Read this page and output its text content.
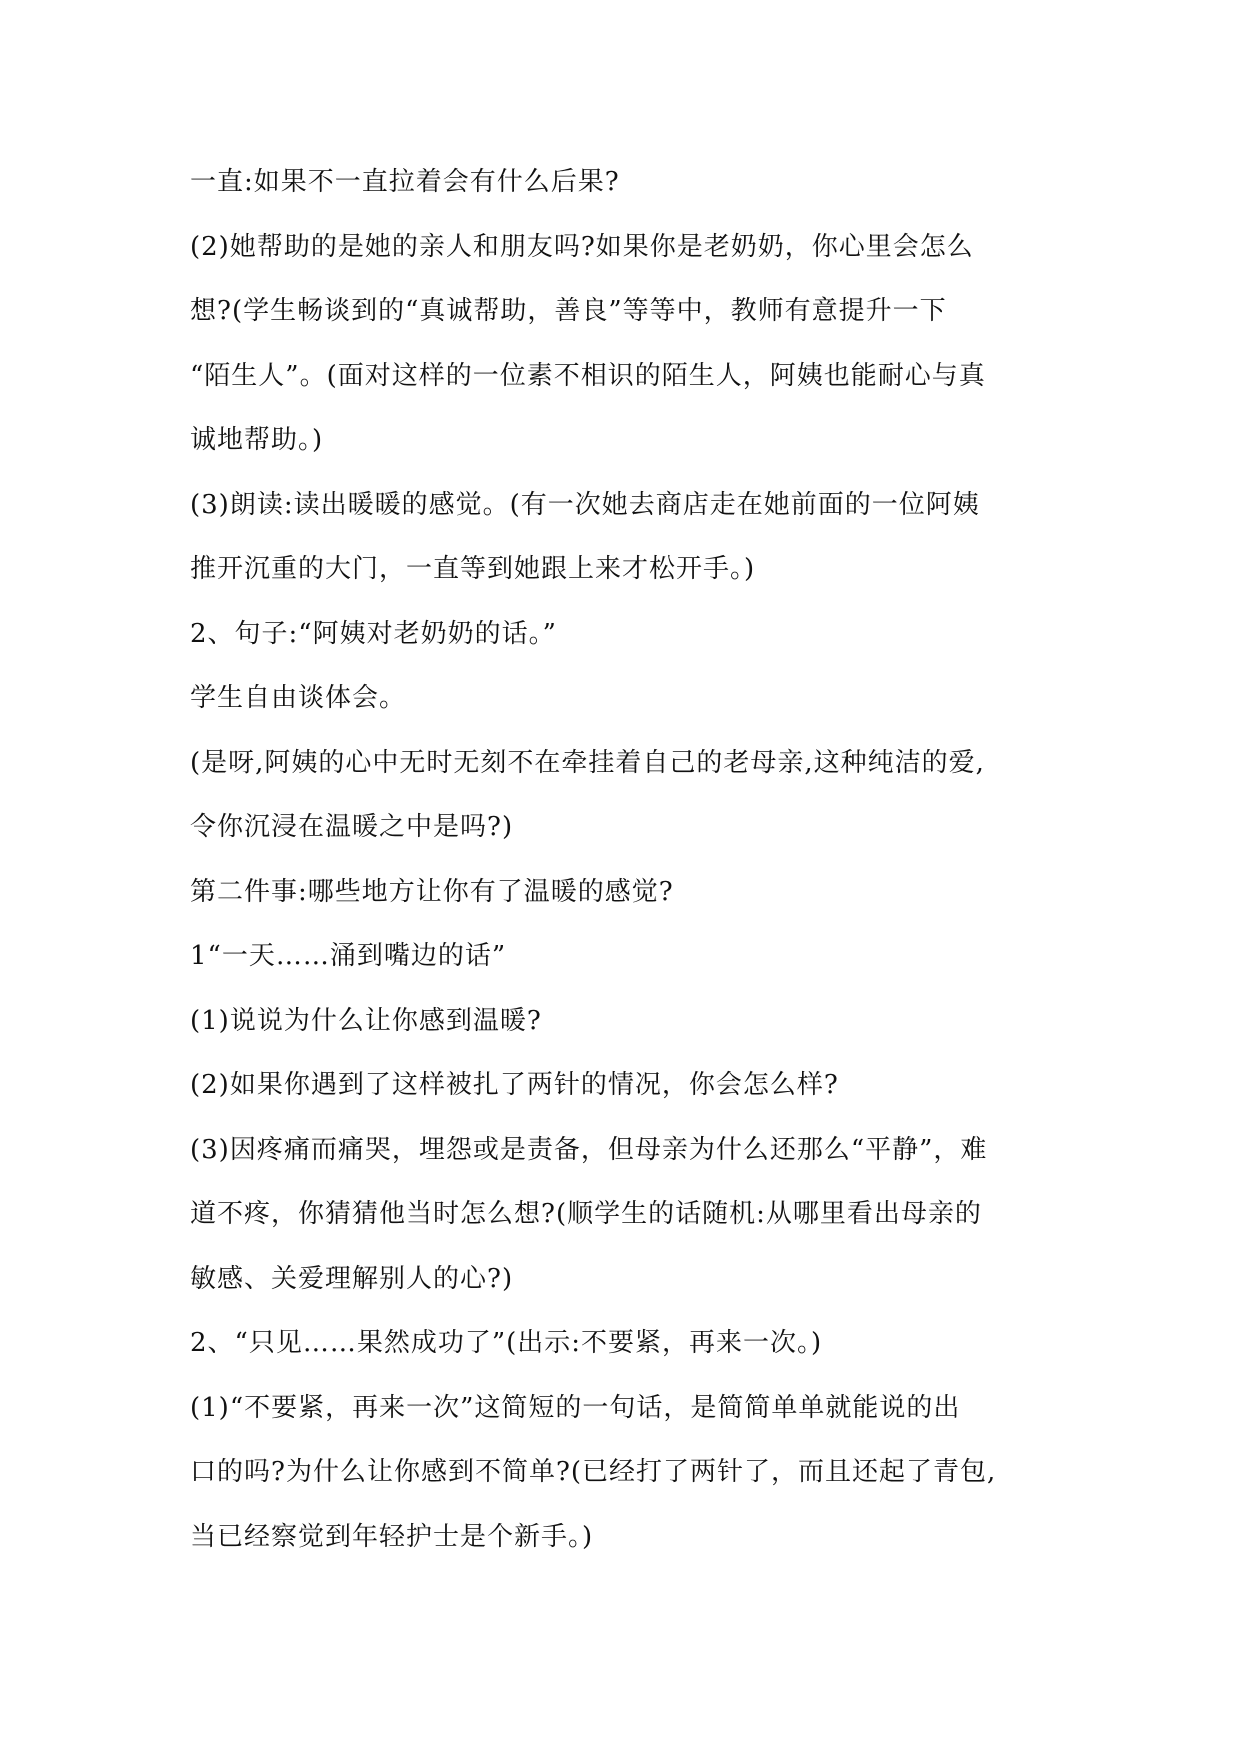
一直:如果不一直拉着会有什么后果?
(2)她帮助的是她的亲人和朋友吗?如果你是老奶奶，你心里会怎么
想?(学生畅谈到的“真诚帮助，善良”等等中，教师有意提升一下
“陌生人”。(面对这样的一位素不相识的陌生人，阿姨也能耐心与真
诚地帮助。)
(3)朗读:读出暖暖的感觉。(有一次她去商店走在她前面的一位阿姨
推开沉重的大门，一直等到她跟上来才松开手。)
2、句子:“阿姨对老奶奶的话。”
学生自由谈体会。
(是呀,阿姨的心中无时无刻不在牵挂着自己的老母亲,这种纯洁的爱,
令你沉浸在温暖之中是吗?)
第二件事:哪些地方让你有了温暖的感觉?
1“一天……涌到嘴边的话”
(1)说说为什么让你感到温暖?
(2)如果你遇到了这样被扎了两针的情况，你会怎么样?
(3)因疼痛而痛哭，埋怨或是责备，但母亲为什么还那么“平静”，难
道不疼，你猜猜他当时怎么想?(顺学生的话随机:从哪里看出母亲的
敏感、关爱理解别人的心?)
2、“只见……果然成功了”(出示:不要紧，再来一次。)
(1)“不要紧，再来一次”这简短的一句话，是简简单单就能说的出
口的吗?为什么让你感到不简单?(已经打了两针了，而且还起了青包,
当已经察觉到年轻护士是个新手。)
